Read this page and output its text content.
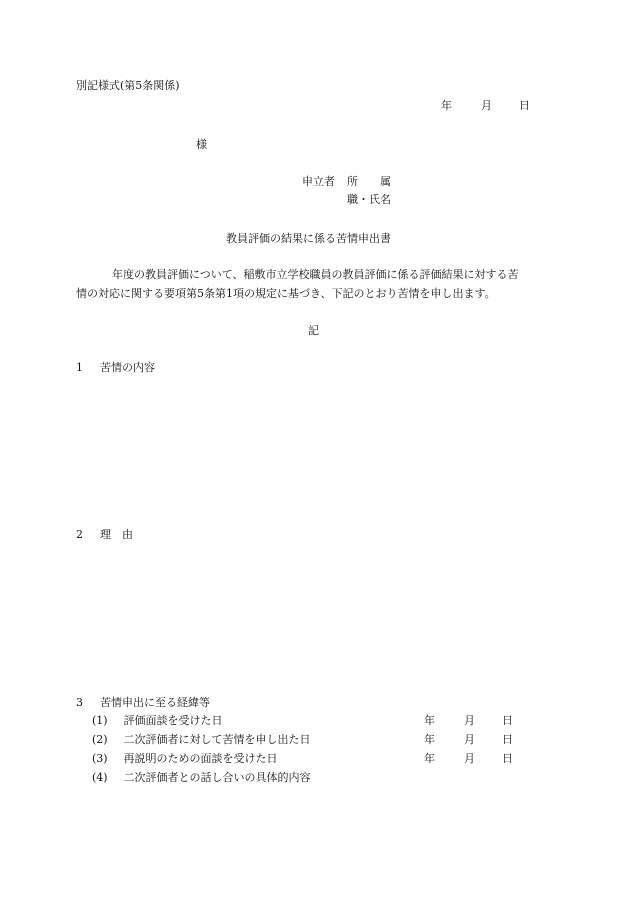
別記様式(第5条関係)
年	月 日
様
申立者 所　　属
職・氏名
教員評価の結果に係る苦情申出書
年度の教員評価について、稲敷市立学校職員の教員評価に係る評価結果に対する苦
情の対応に関する要項第5条第1項の規定に基づき、下記のとおり苦情を申し出ます。
記
1 苦情の内容
2 理　由
3 苦情申出に至る経緯等
(1) 評価面談を受けた日	年	月 日
(2) 二次評価者に対して苦情を申し出た日	年	月 日
(3) 再説明のための面談を受けた日	年	月 日
(4) 二次評価者との話し合いの具体的内容
